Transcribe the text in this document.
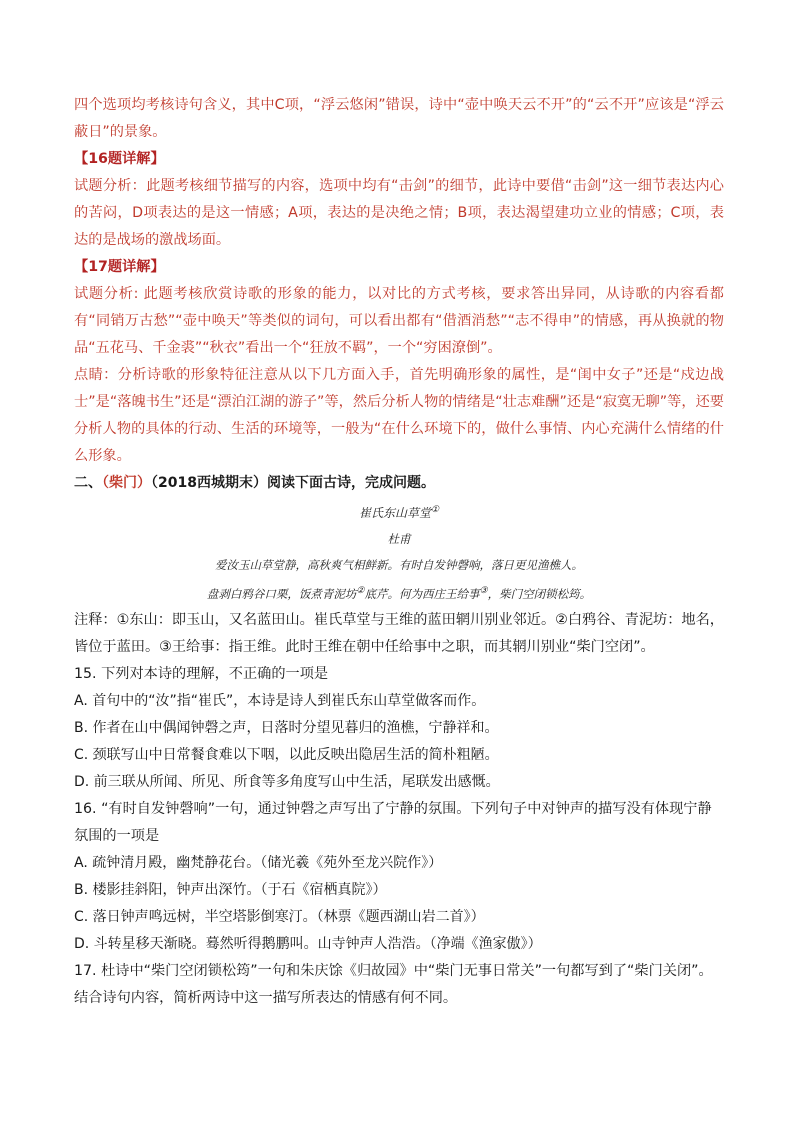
四个选项均考核诗句含义，其中C项，“浮云悠闲”错误，诗中“壶中唤天云不开”的“云不开”应该是“浮云蔽日”的景象。

【16题详解】

试题分析：此题考核细节描写的内容，选项中均有“击剑”的细节，此诗中要借“击剑”这一细节表达内心的苦闷，D项表达的是这一情感；A项，表达的是决绝之情；B项，表达渴望建功立业的情感；C项，表达的是战场的激战场面。

【17题详解】

试题分析: 此题考核欣赏诗歌的形象的能力，以对比的方式考核，要求答出异同，从诗歌的内容看都有“同销万古愁”“壶中唤天”等类似的词句，可以看出都有“借酒消愁”“志不得申”的情感，再从换就的物品“五花马、千金裘”“秋衣”看出一个“狂放不羁”，一个“穷困潦倒”。

点睛：分析诗歌的形象特征注意从以下几方面入手，首先明确形象的属性，是“闺中女子”还是“戍边战士”是“落魄书生”还是“漂泊江湖的游子”等，然后分析人物的情绪是“壮志难酬”还是“寂寞无聊”等，还要分析人物的具体的行动、生活的环境等，一般为“在什么环境下的，做什么事情、内心充满什么情绪的什么形象。

二、（柴门）（2018西城期末）阅读下面古诗，完成问题。

崔氏东山草堂①

杜甫

爱汝玉山草堂静，高秋爽气相鲜新。有时自发钟磬响，落日更见渔樵人。

盘剥白鸦谷口栗，饭煮青泥坊②底芹。何为西庄王给事③，柴门空闭锁松筠。

注释：①东山：即玉山，又名蓝田山。崔氏草堂与王维的蓝田辋川别业邻近。②白鸦谷、青泥坊：地名，皆位于蓝田。③王给事：指王维。此时王维在朝中任给事中之职，而其辋川别业“柴门空闭”。

15. 下列对本诗的理解，不正确的一项是

A. 首句中的“汝”指“崔氏”，本诗是诗人到崔氏东山草堂做客而作。

B. 作者在山中偶闻钟磬之声，日落时分望见暮归的渔樵，宁静祥和。

C. 颈联写山中日常餐食难以下咽，以此反映出隐居生活的简朴粗陋。

D. 前三联从所闻、所见、所食等多角度写山中生活，尾联发出感慨。

16. “有时自发钟磬响”一句，通过钟磬之声写出了宁静的氛围。下列句子中对钟声的描写没有体现宁静氛围的一项是

A. 疏钟清月殿，幽梵静花台。（储光羲《苑外至龙兴院作》）

B. 楼影挂斜阳，钟声出深竹。（于石《宿栖真院》）

C. 落日钟声鸣远树，半空塔影倒寒汀。（林票《题西湖山岩二首》）

D. 斗转星移天渐晓。蓦然听得鹅鹏叫。山寺钟声人浩浩。（净端《渔家傲》）

17. 杜诗中“柴门空闭锁松筠”一句和朱庆馀《归故园》中“柴门无事日常关”一句都写到了“柴门关闭”。结合诗句内容，简析两诗中这一描写所表达的情感有何不同。
